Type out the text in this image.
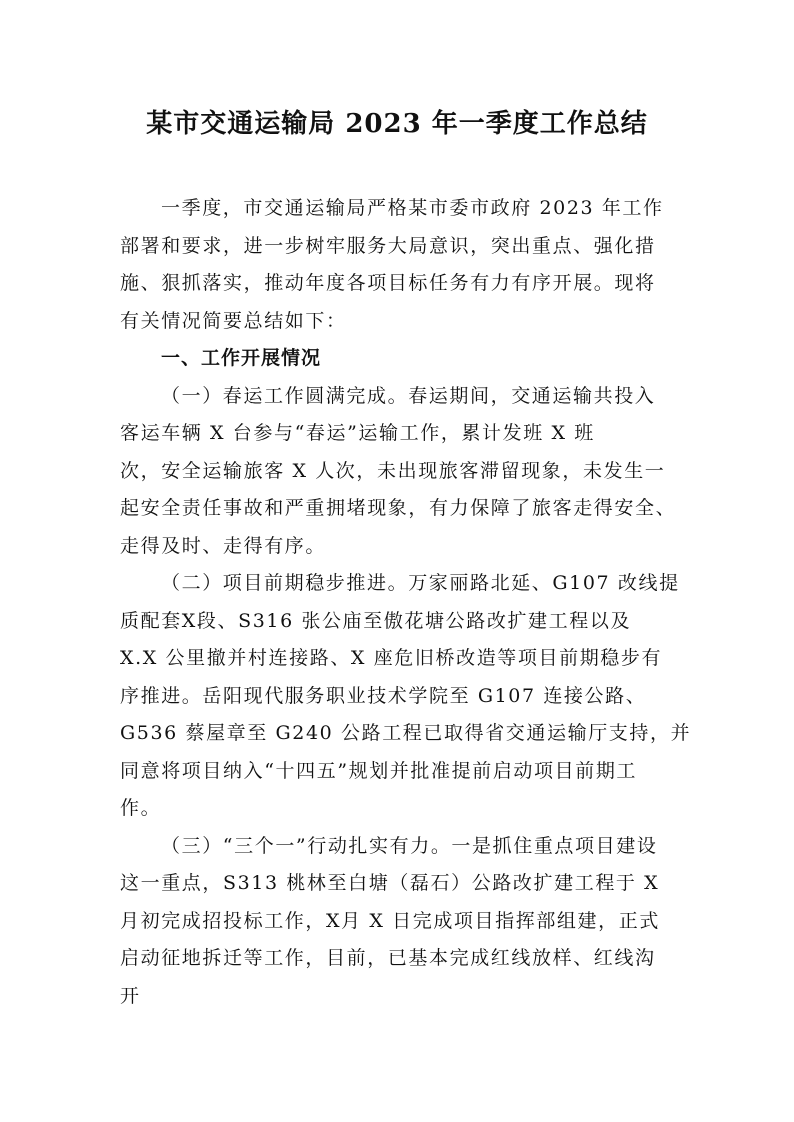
某市交通运输局 2023 年一季度工作总结
一季度，市交通运输局严格某市委市政府 2023 年工作
部署和要求，进一步树牢服务大局意识，突出重点、强化措
施、狠抓落实，推动年度各项目标任务有力有序开展。现将
有关情况简要总结如下：
一、工作开展情况
（一）春运工作圆满完成。春运期间，交通运输共投入
客运车辆 X 台参与“春运”运输工作，累计发班 X 班
次，安全运输旅客 X 人次，未出现旅客滞留现象，未发生一
起安全责任事故和严重拥堵现象，有力保障了旅客走得安全、
走得及时、走得有序。
（二）项目前期稳步推进。万家丽路北延、G107 改线提
质配套X段、S316 张公庙至傲花塘公路改扩建工程以及
X.X 公里撤并村连接路、X 座危旧桥改造等项目前期稳步有
序推进。岳阳现代服务职业技术学院至 G107 连接公路、
G536 蔡屋章至 G240 公路工程已取得省交通运输厅支持，并
同意将项目纳入“十四五”规划并批准提前启动项目前期工
作。
（三）“三个一”行动扎实有力。一是抓住重点项目建设
这一重点，S313 桃林至白塘（磊石）公路改扩建工程于 X
月初完成招投标工作，X月 X 日完成项目指挥部组建，正式
启动征地拆迁等工作，目前，已基本完成红线放样、红线沟
开
